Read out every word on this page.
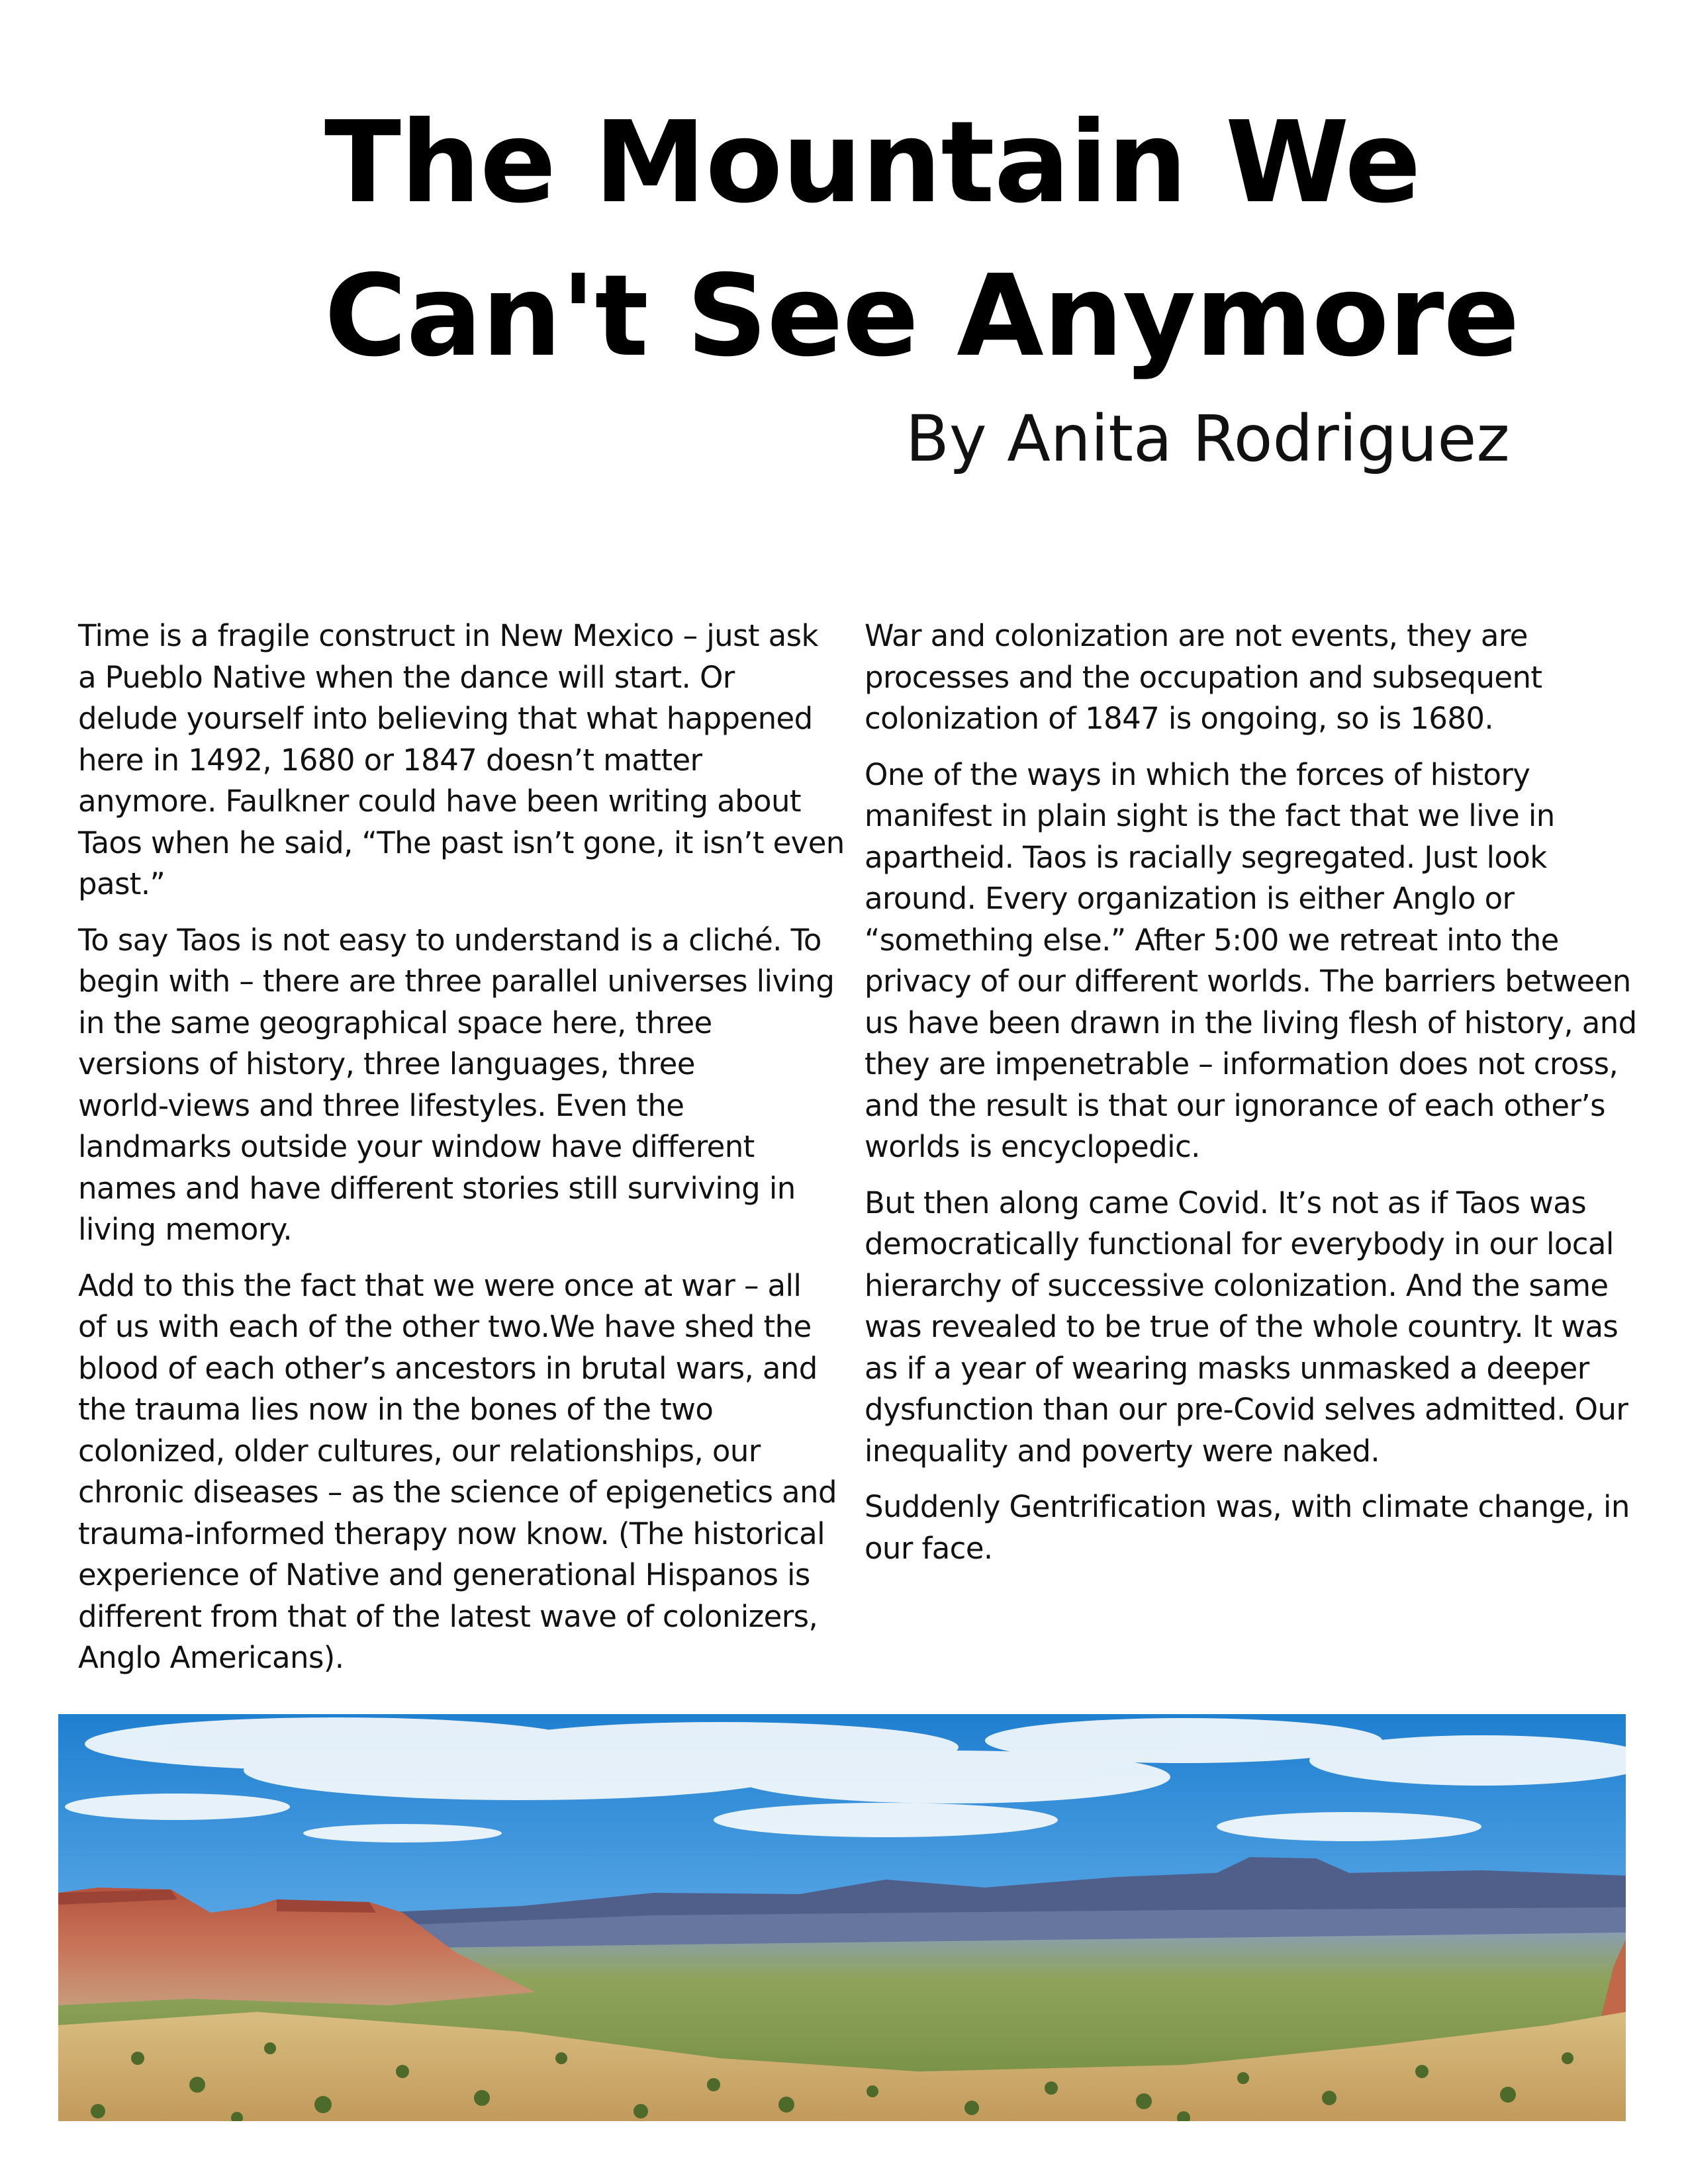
The Mountain We
Can't See Anymore
By Anita Rodriguez

Time is a fragile construct in New Mexico – just ask
a Pueblo Native when the dance will start. Or
delude yourself into believing that what happened
here in 1492, 1680 or 1847 doesn’t matter
anymore. Faulkner could have been writing about
Taos when he said, “The past isn’t gone, it isn’t even
past.”

To say Taos is not easy to understand is a cliché. To
begin with – there are three parallel universes living
in the same geographical space here, three
versions of history, three languages, three
world-views and three lifestyles. Even the
landmarks outside your window have different
names and have different stories still surviving in
living memory.

Add to this the fact that we were once at war – all
of us with each of the other two.We have shed the
blood of each other’s ancestors in brutal wars, and
the trauma lies now in the bones of the two
colonized, older cultures, our relationships, our
chronic diseases – as the science of epigenetics and
trauma-informed therapy now know. (The historical
experience of Native and generational Hispanos is
different from that of the latest wave of colonizers,
Anglo Americans).

War and colonization are not events, they are
processes and the occupation and subsequent
colonization of 1847 is ongoing, so is 1680.

One of the ways in which the forces of history
manifest in plain sight is the fact that we live in
apartheid. Taos is racially segregated. Just look
around. Every organization is either Anglo or
“something else.” After 5:00 we retreat into the
privacy of our different worlds. The barriers between
us have been drawn in the living flesh of history, and
they are impenetrable – information does not cross,
and the result is that our ignorance of each other’s
worlds is encyclopedic.

But then along came Covid. It’s not as if Taos was
democratically functional for everybody in our local
hierarchy of successive colonization. And the same
was revealed to be true of the whole country. It was
as if a year of wearing masks unmasked a deeper
dysfunction than our pre-Covid selves admitted. Our
inequality and poverty were naked.

Suddenly Gentrification was, with climate change, in
our face.
